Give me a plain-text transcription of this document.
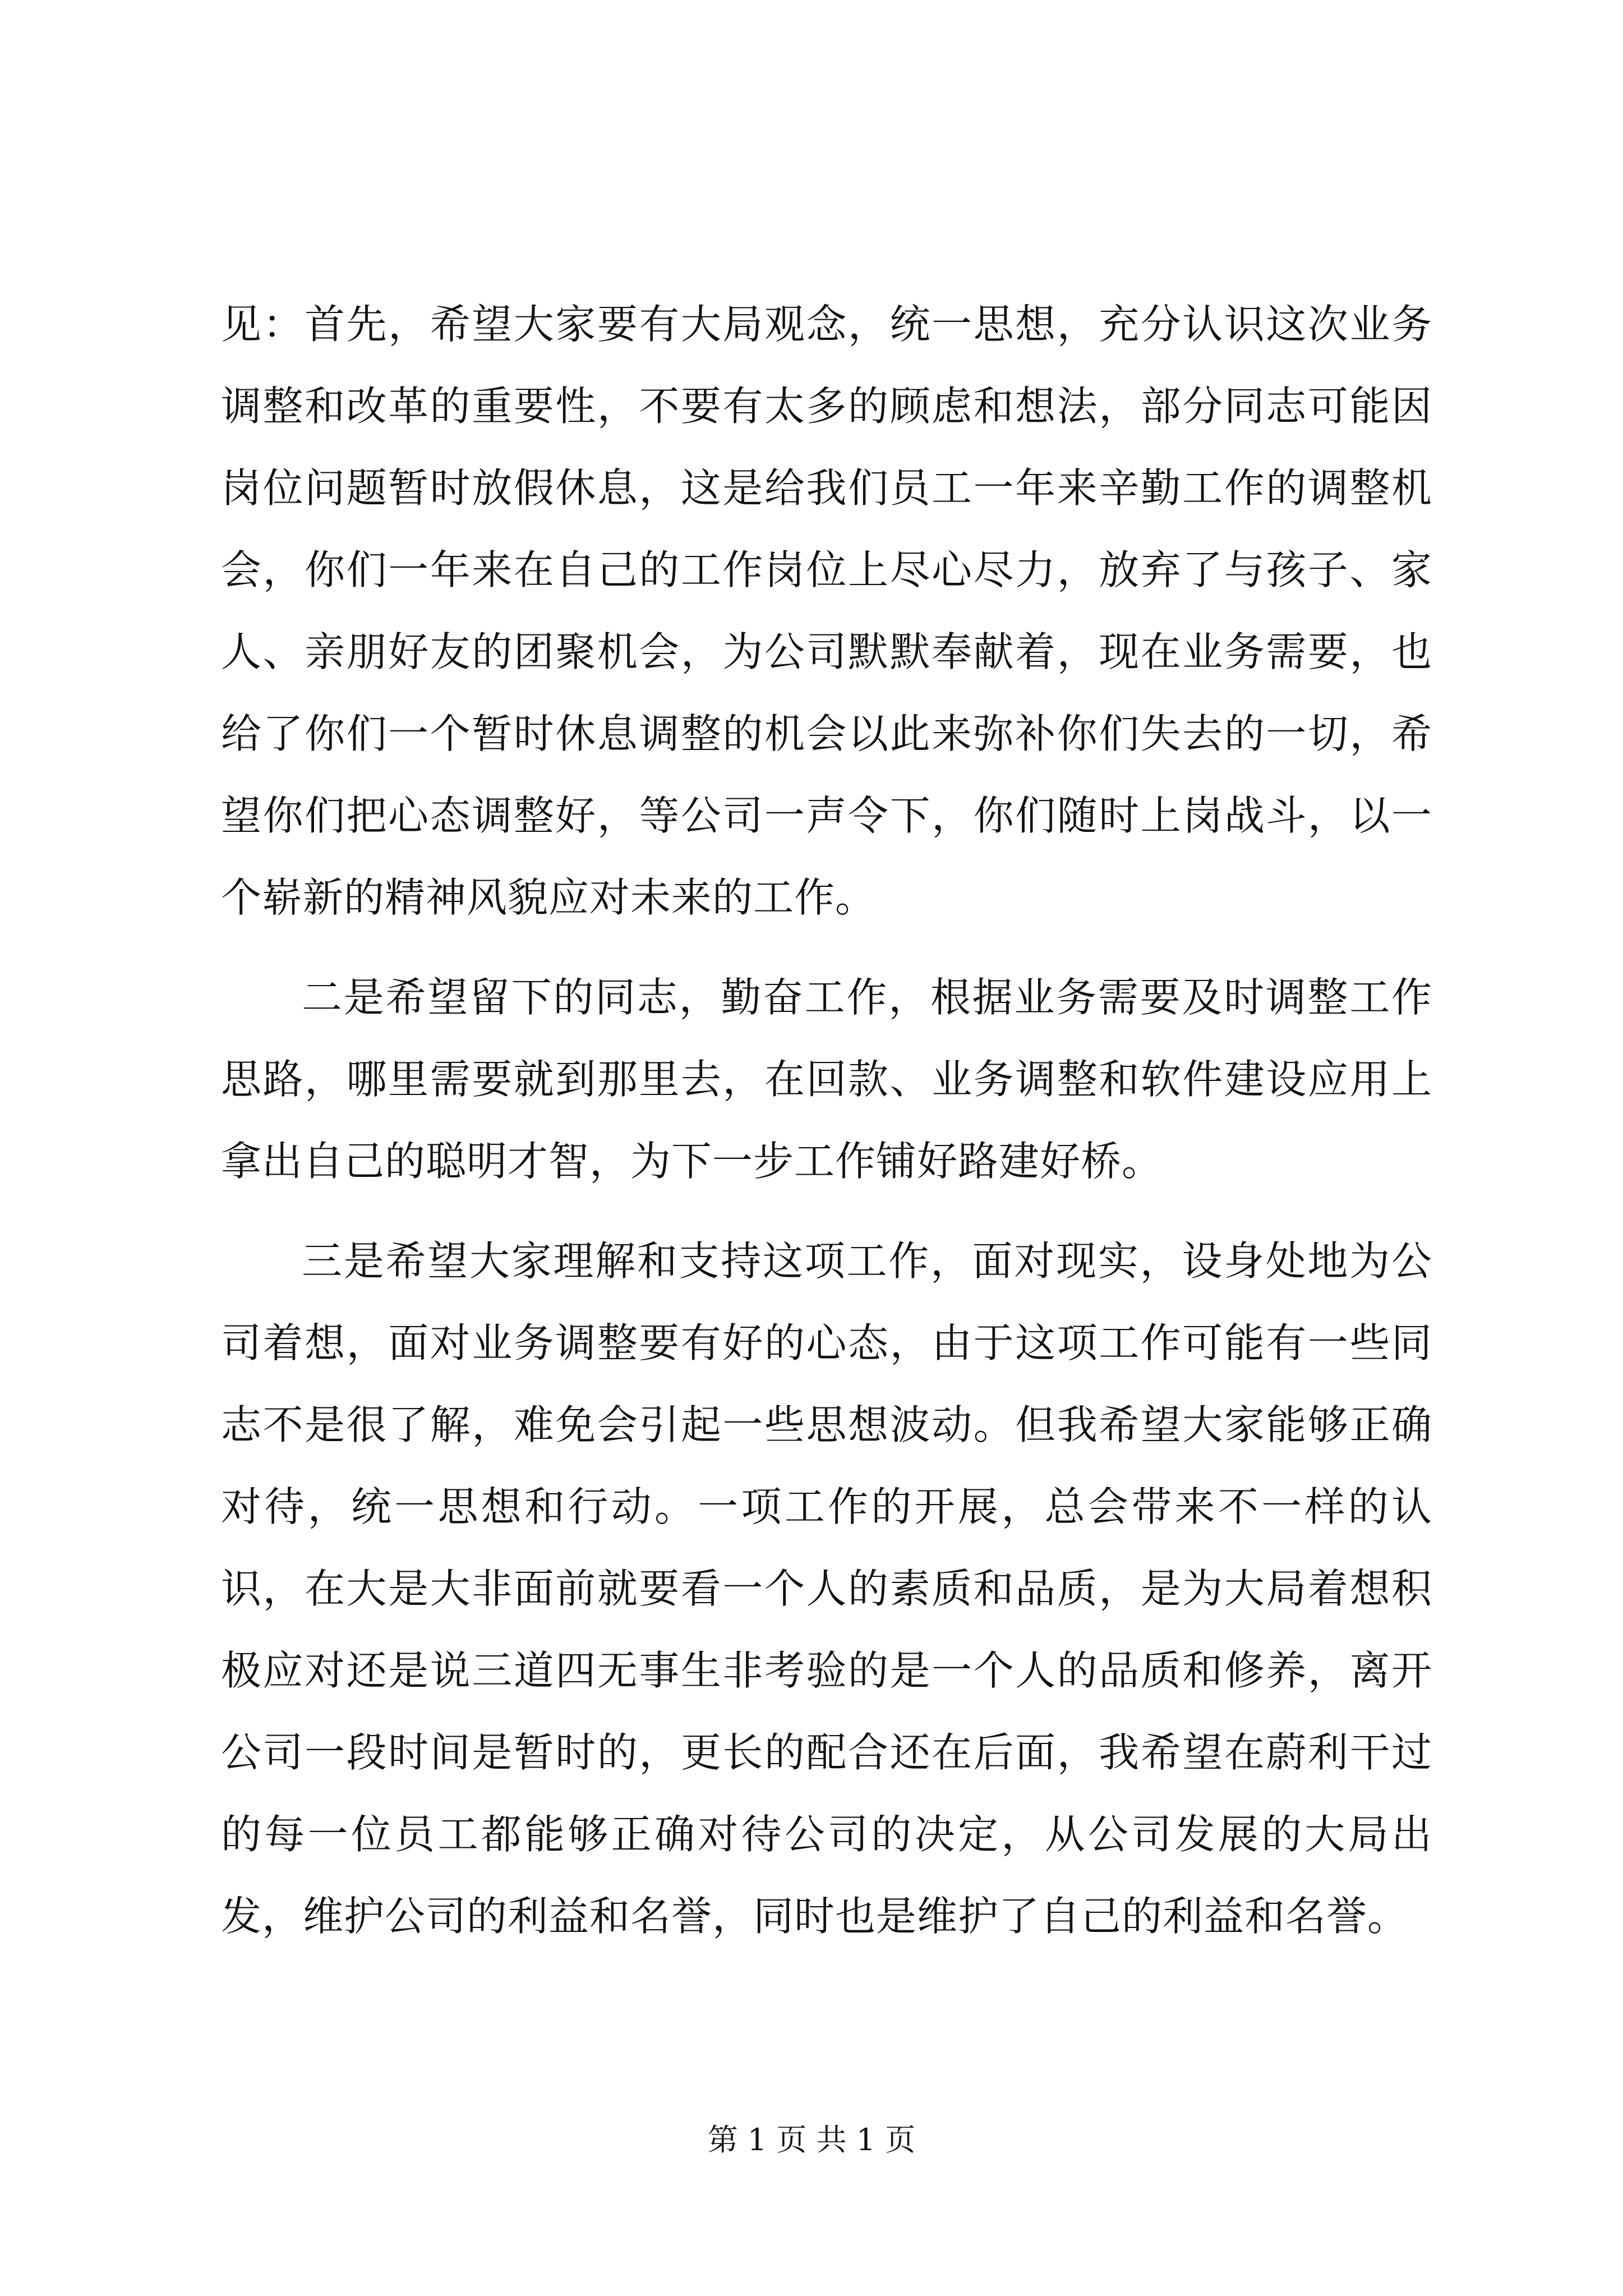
见：首先，希望大家要有大局观念，统一思想，充分认识这次业务调整和改革的重要性，不要有太多的顾虑和想法，部分同志可能因岗位问题暂时放假休息，这是给我们员工一年来辛勤工作的调整机会，你们一年来在自己的工作岗位上尽心尽力，放弃了与孩子、家人、亲朋好友的团聚机会，为公司默默奉献着，现在业务需要，也给了你们一个暂时休息调整的机会以此来弥补你们失去的一切，希望你们把心态调整好，等公司一声令下，你们随时上岗战斗，以一个崭新的精神风貌应对未来的工作。

二是希望留下的同志，勤奋工作，根据业务需要及时调整工作思路，哪里需要就到那里去，在回款、业务调整和软件建设应用上拿出自己的聪明才智，为下一步工作铺好路建好桥。

三是希望大家理解和支持这项工作，面对现实，设身处地为公司着想，面对业务调整要有好的心态，由于这项工作可能有一些同志不是很了解，难免会引起一些思想波动。但我希望大家能够正确对待，统一思想和行动。一项工作的开展，总会带来不一样的认识，在大是大非面前就要看一个人的素质和品质，是为大局着想积极应对还是说三道四无事生非考验的是一个人的品质和修养，离开公司一段时间是暂时的，更长的配合还在后面，我希望在蔚利干过的每一位员工都能够正确对待公司的决定，从公司发展的大局出发，维护公司的利益和名誉，同时也是维护了自己的利益和名誉。

第 1 页 共 1 页
